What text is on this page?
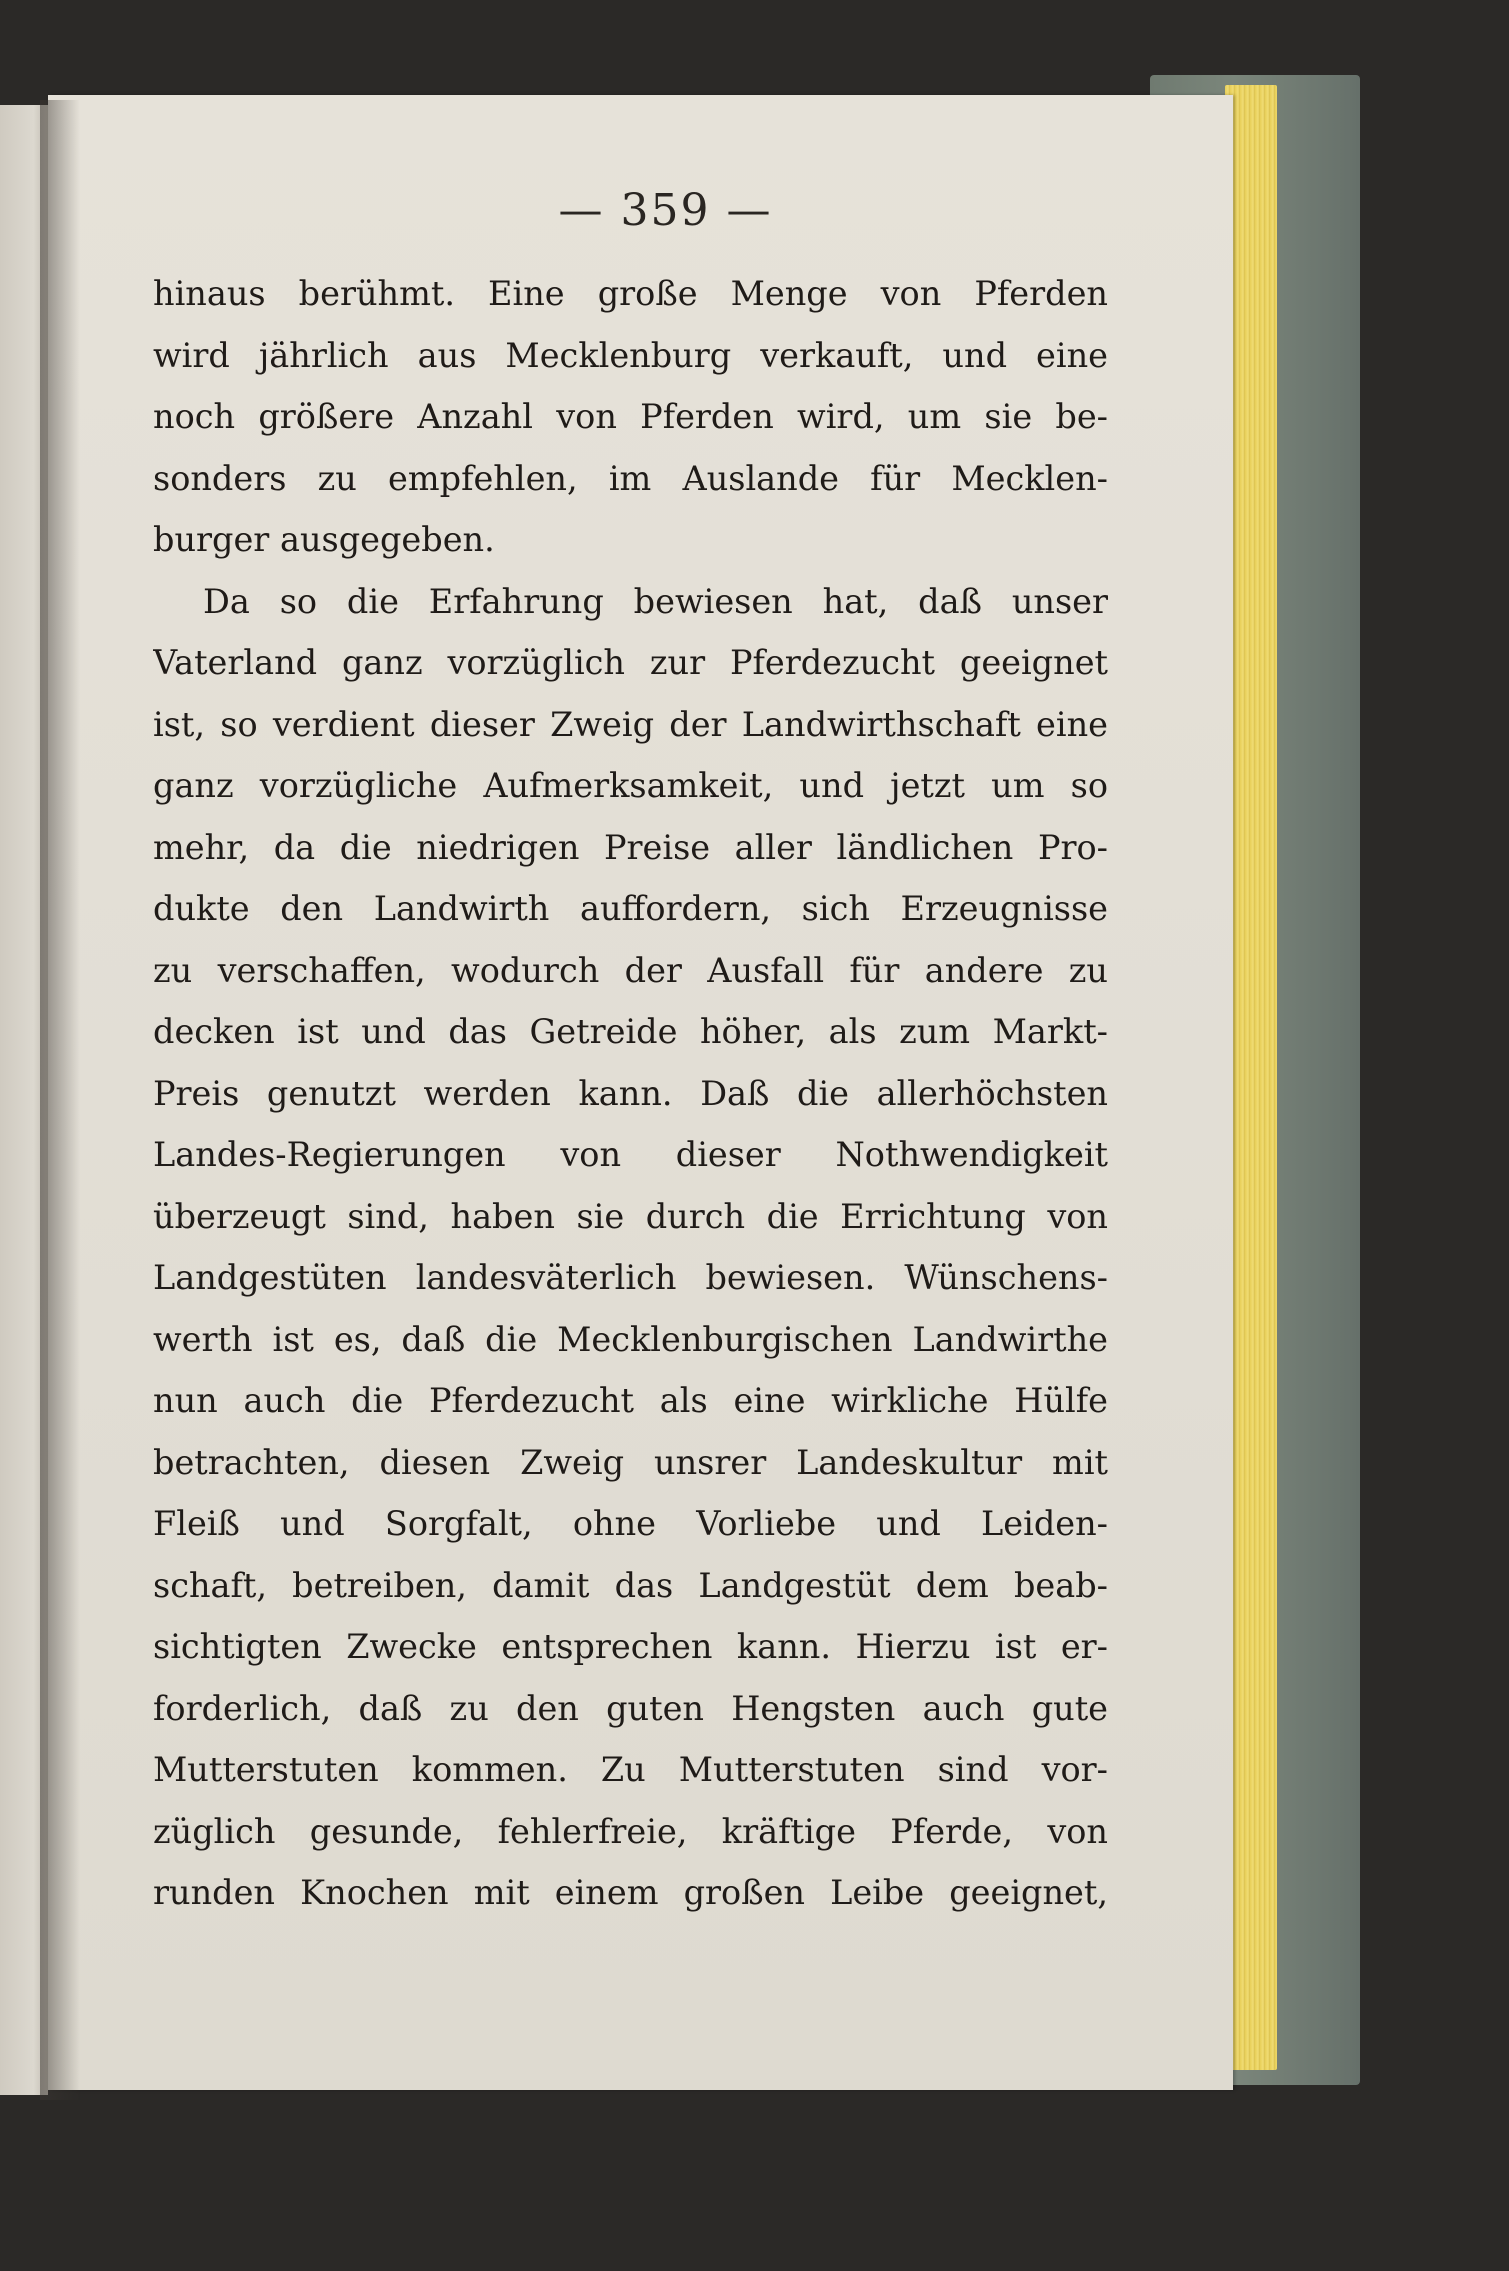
— 359 —
hinaus berühmt. Eine große Menge von Pferden
wird jährlich aus Mecklenburg verkauft, und eine
noch größere Anzahl von Pferden wird, um sie be-
sonders zu empfehlen, im Auslande für Mecklen-
burger ausgegeben.
Da so die Erfahrung bewiesen hat, daß unser
Vaterland ganz vorzüglich zur Pferdezucht geeignet
ist, so verdient dieser Zweig der Landwirthschaft eine
ganz vorzügliche Aufmerksamkeit, und jetzt um so
mehr, da die niedrigen Preise aller ländlichen Pro-
dukte den Landwirth auffordern, sich Erzeugnisse
zu verschaffen, wodurch der Ausfall für andere zu
decken ist und das Getreide höher, als zum Markt-
Preis genutzt werden kann. Daß die allerhöchsten
Landes-Regierungen von dieser Nothwendigkeit
überzeugt sind, haben sie durch die Errichtung von
Landgestüten landesväterlich bewiesen. Wünschens-
werth ist es, daß die Mecklenburgischen Landwirthe
nun auch die Pferdezucht als eine wirkliche Hülfe
betrachten, diesen Zweig unsrer Landeskultur mit
Fleiß und Sorgfalt, ohne Vorliebe und Leiden-
schaft, betreiben, damit das Landgestüt dem beab-
sichtigten Zwecke entsprechen kann. Hierzu ist er-
forderlich, daß zu den guten Hengsten auch gute
Mutterstuten kommen. Zu Mutterstuten sind vor-
züglich gesunde, fehlerfreie, kräftige Pferde, von
runden Knochen mit einem großen Leibe geeignet,
